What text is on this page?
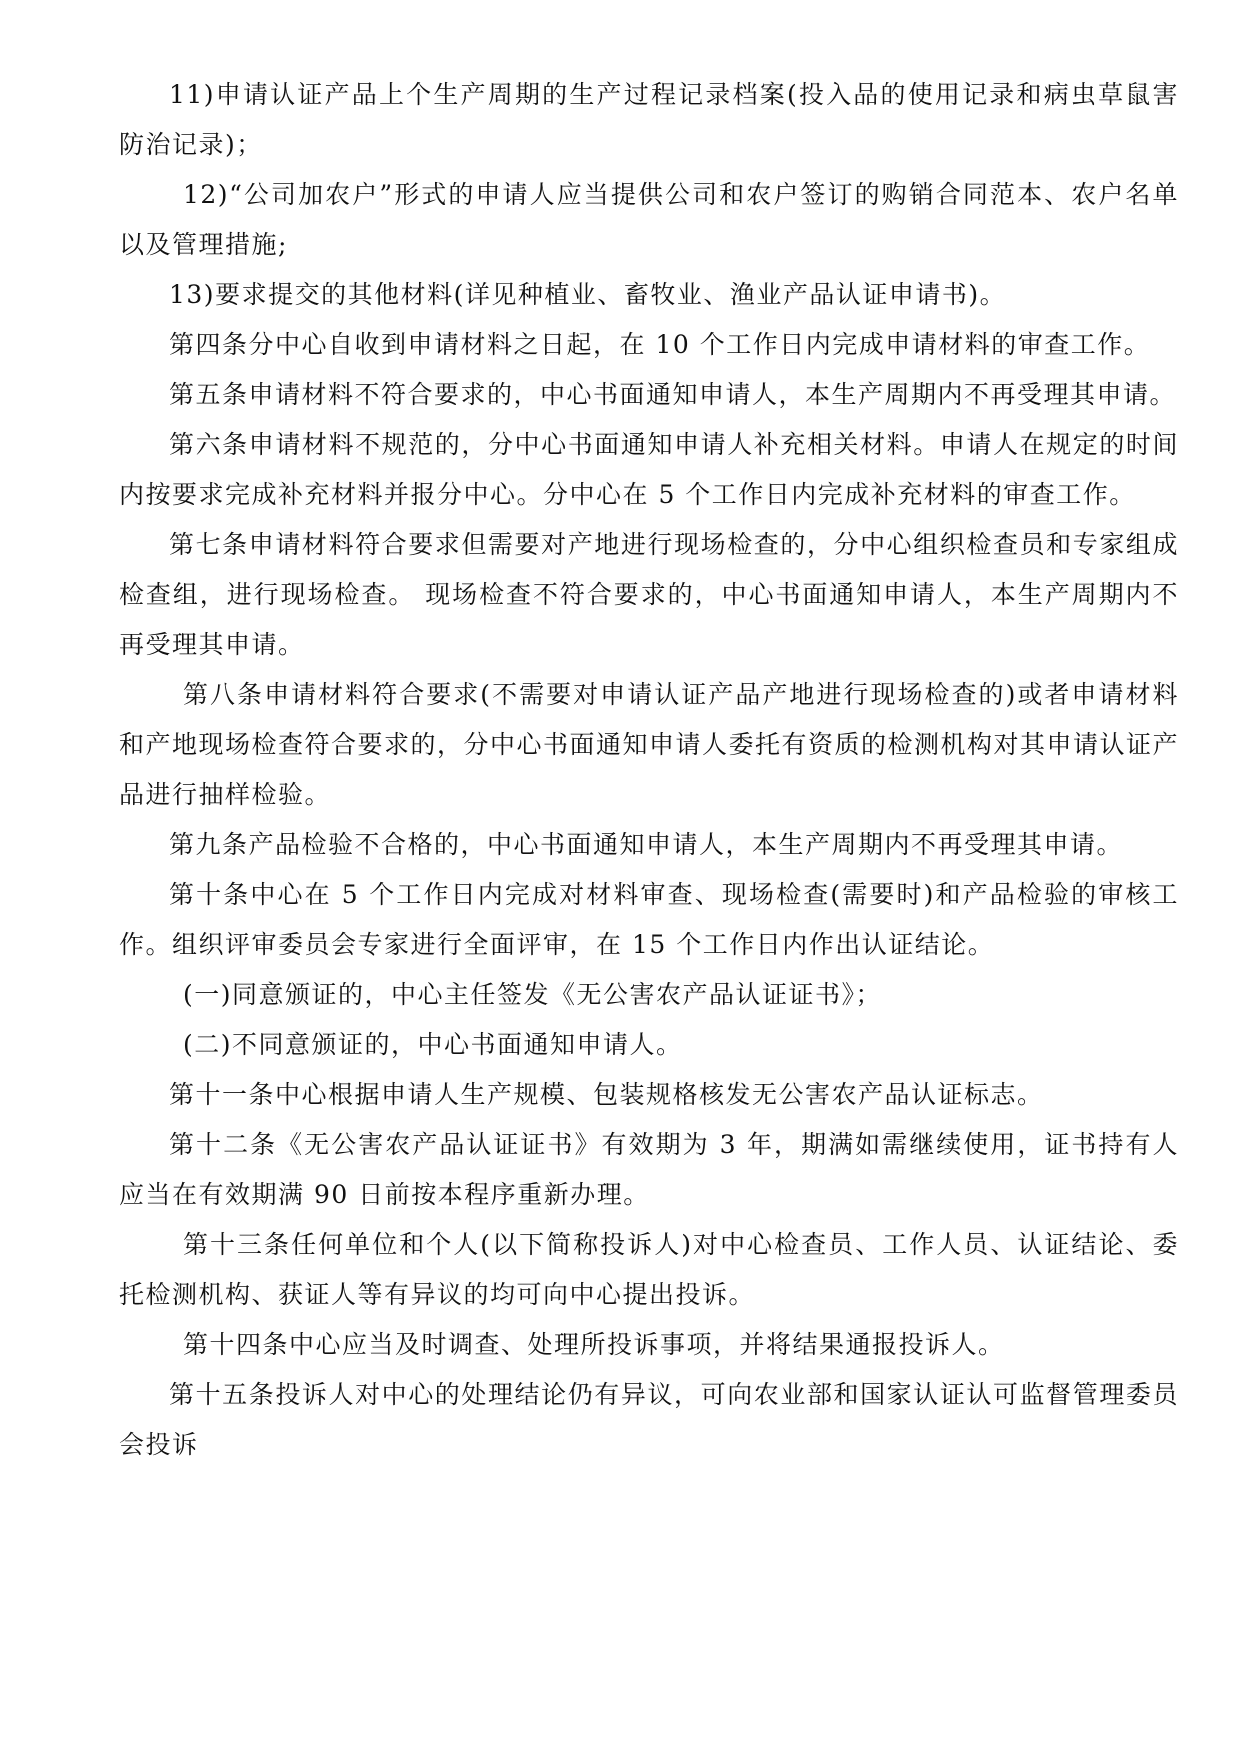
11)申请认证产品上个生产周期的生产过程记录档案(投入品的使用记录和病虫草鼠害防治记录)；

12)“公司加农户”形式的申请人应当提供公司和农户签订的购销合同范本、农户名单以及管理措施;

13)要求提交的其他材料(详见种植业、畜牧业、渔业产品认证申请书)。

第四条分中心自收到申请材料之日起，在 10 个工作日内完成申请材料的审查工作。

第五条申请材料不符合要求的，中心书面通知申请人，本生产周期内不再受理其申请。

第六条申请材料不规范的，分中心书面通知申请人补充相关材料。申请人在规定的时间内按要求完成补充材料并报分中心。分中心在 5 个工作日内完成补充材料的审查工作。

第七条申请材料符合要求但需要对产地进行现场检查的，分中心组织检查员和专家组成检查组，进行现场检查。 现场检查不符合要求的，中心书面通知申请人，本生产周期内不再受理其申请。

第八条申请材料符合要求(不需要对申请认证产品产地进行现场检查的)或者申请材料和产地现场检查符合要求的，分中心书面通知申请人委托有资质的检测机构对其申请认证产品进行抽样检验。

第九条产品检验不合格的，中心书面通知申请人，本生产周期内不再受理其申请。

第十条中心在 5 个工作日内完成对材料审查、现场检查(需要时)和产品检验的审核工作。组织评审委员会专家进行全面评审，在 15 个工作日内作出认证结论。

(一)同意颁证的，中心主任签发《无公害农产品认证证书》；

(二)不同意颁证的，中心书面通知申请人。

第十一条中心根据申请人生产规模、包装规格核发无公害农产品认证标志。

第十二条《无公害农产品认证证书》有效期为 3 年，期满如需继续使用，证书持有人应当在有效期满 90 日前按本程序重新办理。

第十三条任何单位和个人(以下简称投诉人)对中心检查员、工作人员、认证结论、委托检测机构、获证人等有异议的均可向中心提出投诉。

第十四条中心应当及时调查、处理所投诉事项，并将结果通报投诉人。

第十五条投诉人对中心的处理结论仍有异议，可向农业部和国家认证认可监督管理委员会投诉
